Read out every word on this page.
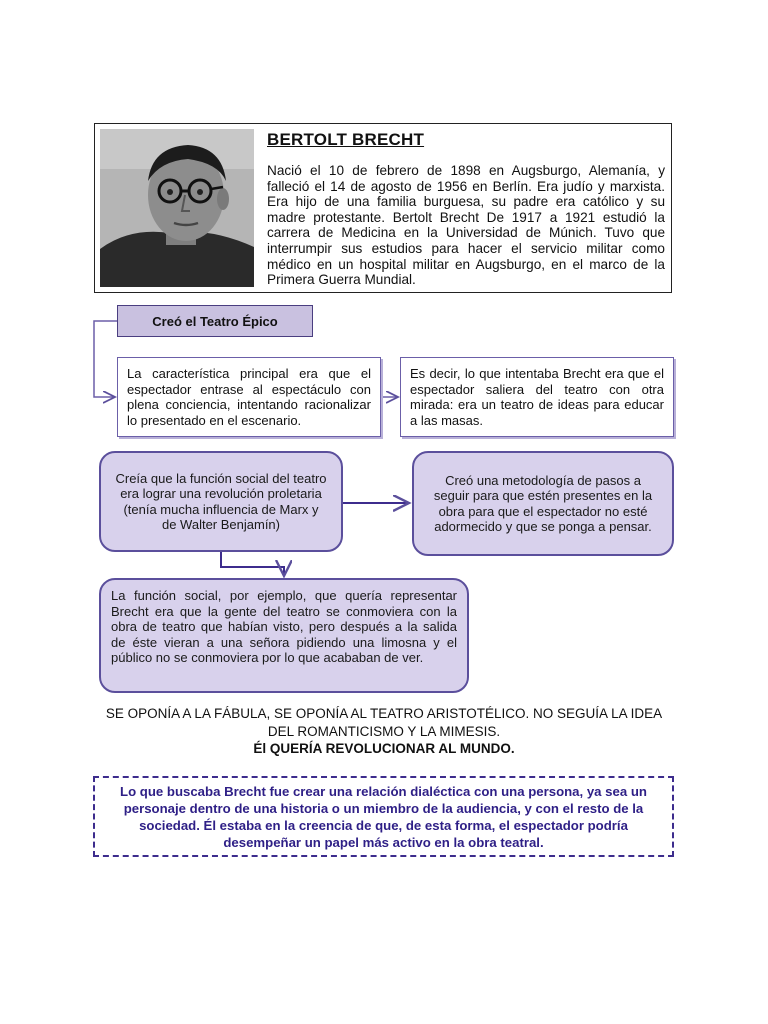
BERTOLT BRECHT
Nació el 10 de febrero de 1898 en Augsburgo, Alemanía, y falleció el 14 de agosto de 1956 en Berlín. Era judío y marxista. Era hijo de una familia burguesa, su padre era católico y su madre protestante. Bertolt Brecht De 1917 a 1921 estudió la carrera de Medicina en la Universidad de Múnich. Tuvo que interrumpir sus estudios para hacer el servicio militar como médico en un hospital militar en Augsburgo, en el marco de la Primera Guerra Mundial.
Creó el Teatro Épico
La característica principal era que el espectador entrase al espectáculo con plena conciencia, intentando racionalizar lo presentado en el escenario.
Es decir, lo que intentaba Brecht era que el espectador saliera del teatro con otra mirada: era un teatro de ideas para educar a las masas.
Creía que la función social del teatro era lograr una revolución proletaria (tenía mucha influencia de Marx y de Walter Benjamín)
Creó una metodología de pasos a seguir para que estén presentes en la obra para que el espectador no esté adormecido y que se ponga a pensar.
La función social, por ejemplo, que quería representar Brecht era que la gente del teatro se conmoviera con la obra de teatro que habían visto, pero después a la salida de éste vieran a una señora pidiendo una limosna y el público no se conmoviera por lo que acababan de ver.
SE OPONÍA A LA FÁBULA, SE OPONÍA AL TEATRO ARISTOTÉLICO. NO SEGUÍA LA IDEA DEL ROMANTICISMO Y LA MIMESIS.
Él QUERÍA REVOLUCIONAR AL MUNDO.
Lo que buscaba Brecht fue crear una relación dialéctica con una persona, ya sea un personaje dentro de una historia o un miembro de la audiencia, y con el resto de la sociedad. Él estaba en la creencia de que, de esta forma, el espectador podría desempeñar un papel más activo en la obra teatral.
